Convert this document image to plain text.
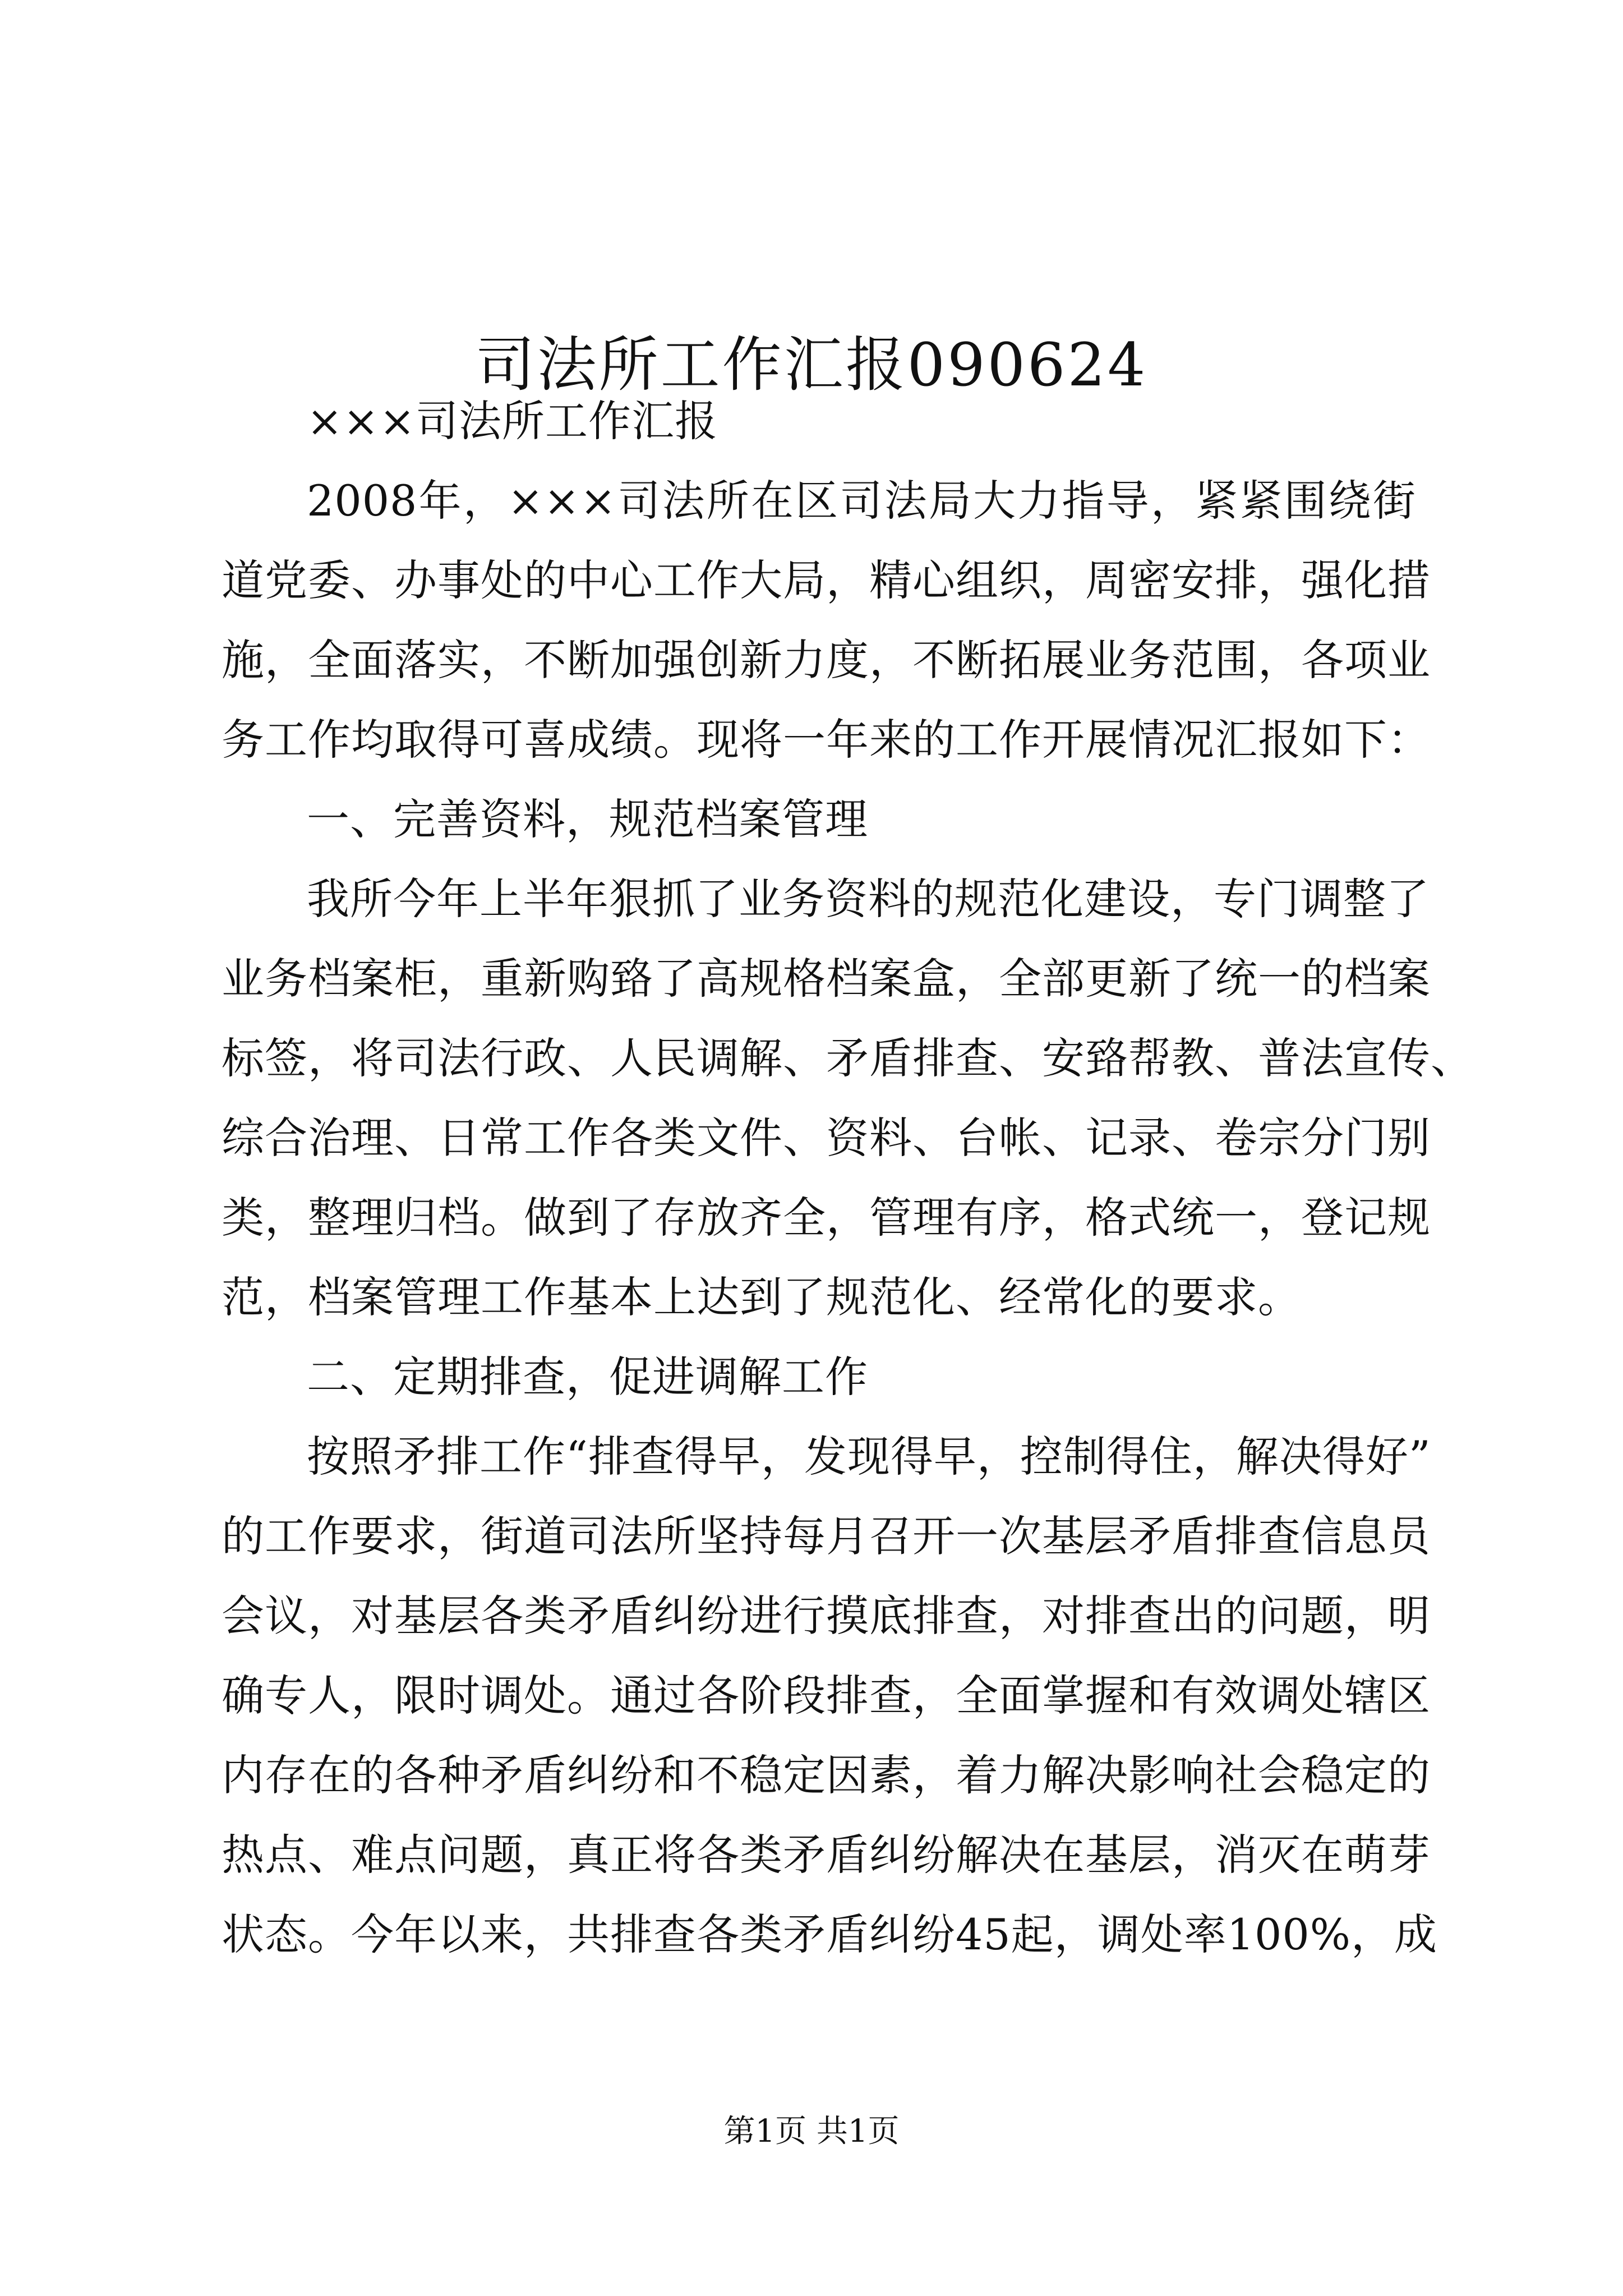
司法所工作汇报090624
×××司法所工作汇报
2008年，×××司法所在区司法局大力指导，紧紧围绕街
道党委、办事处的中心工作大局，精心组织，周密安排，强化措
施，全面落实，不断加强创新力度，不断拓展业务范围，各项业
务工作均取得可喜成绩。现将一年来的工作开展情况汇报如下：
一、完善资料，规范档案管理
我所今年上半年狠抓了业务资料的规范化建设，专门调整了
业务档案柜，重新购臵了高规格档案盒，全部更新了统一的档案
标签，将司法行政、人民调解、矛盾排查、安臵帮教、普法宣传、
综合治理、日常工作各类文件、资料、台帐、记录、卷宗分门别
类，整理归档。做到了存放齐全，管理有序，格式统一，登记规
范，档案管理工作基本上达到了规范化、经常化的要求。
二、定期排查，促进调解工作
按照矛排工作“排查得早，发现得早，控制得住，解决得好”
的工作要求，街道司法所坚持每月召开一次基层矛盾排查信息员
会议，对基层各类矛盾纠纷进行摸底排查，对排查出的问题，明
确专人，限时调处。通过各阶段排查，全面掌握和有效调处辖区
内存在的各种矛盾纠纷和不稳定因素，着力解决影响社会稳定的
热点、难点问题，真正将各类矛盾纠纷解决在基层，消灭在萌芽
状态。今年以来，共排查各类矛盾纠纷45起，调处率100%，成
第1页 共1页
